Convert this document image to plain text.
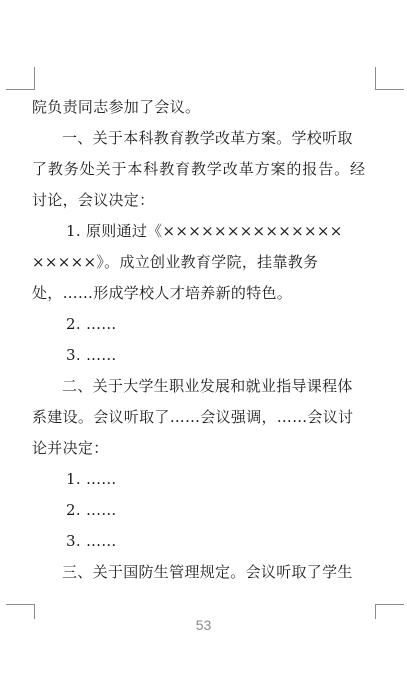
院负责同志参加了会议。
一、关于本科教育教学改革方案。学校听取
了教务处关于本科教育教学改革方案的报告。经
讨论，会议决定：
1. 原则通过《××××××××××××××
×××××》。成立创业教育学院，挂靠教务
处，……形成学校人才培养新的特色。
2. ……
3. ……
二、关于大学生职业发展和就业指导课程体
系建设。会议听取了……会议强调，……会议讨
论并决定：
1. ……
2. ……
3. ……
三、关于国防生管理规定。会议听取了学生
53
